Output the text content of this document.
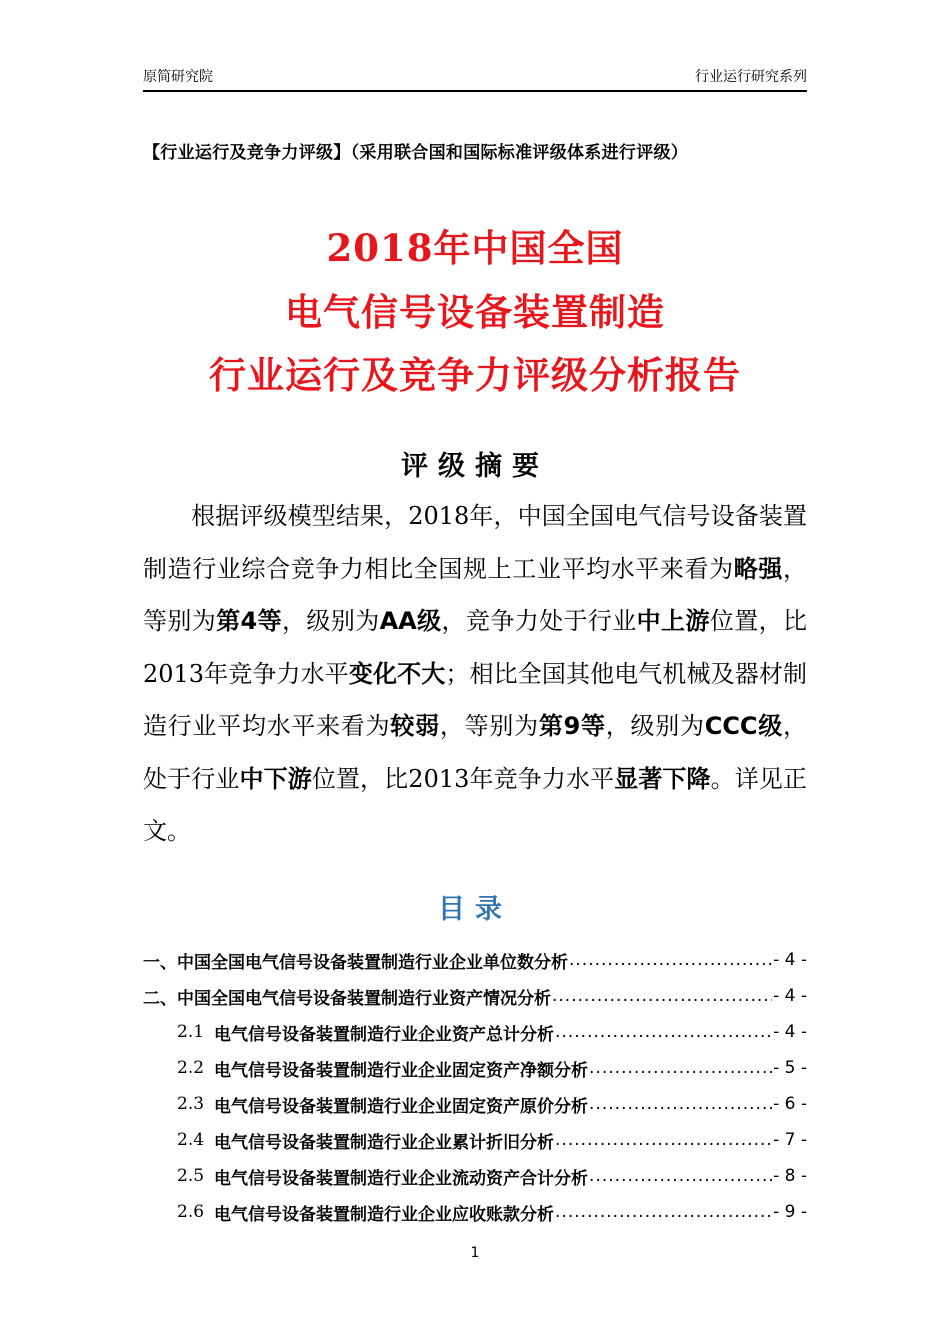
原简研究院	行业运行研究系列
【行业运行及竞争力评级】（采用联合国和国际标准评级体系进行评级）
2018年中国全国
电气信号设备装置制造
行业运行及竞争力评级分析报告
评级摘要
根据评级模型结果，2018年，中国全国电气信号设备装置制造行业综合竞争力相比全国规上工业平均水平来看为略强，等别为第4等，级别为AA级，竞争力处于行业中上游位置，比2013年竞争力水平变化不大；相比全国其他电气机械及器材制造行业平均水平来看为较弱，等别为第9等，级别为CCC级，处于行业中下游位置，比2013年竞争力水平显著下降。详见正文。
目录
一、 中国全国电气信号设备装置制造行业企业单位数分析 .....	- 4 -
二、 中国全国电气信号设备装置制造行业资产情况分析 .....	- 4 -
2.1 电气信号设备装置制造行业企业资产总计分析 .....	- 4 -
2.2 电气信号设备装置制造行业企业固定资产净额分析 .....	- 5 -
2.3 电气信号设备装置制造行业企业固定资产原价分析 .....	- 6 -
2.4 电气信号设备装置制造行业企业累计折旧分析 .....	- 7 -
2.5 电气信号设备装置制造行业企业流动资产合计分析 .....	- 8 -
2.6 电气信号设备装置制造行业企业应收账款分析 .....	- 9 -
1
